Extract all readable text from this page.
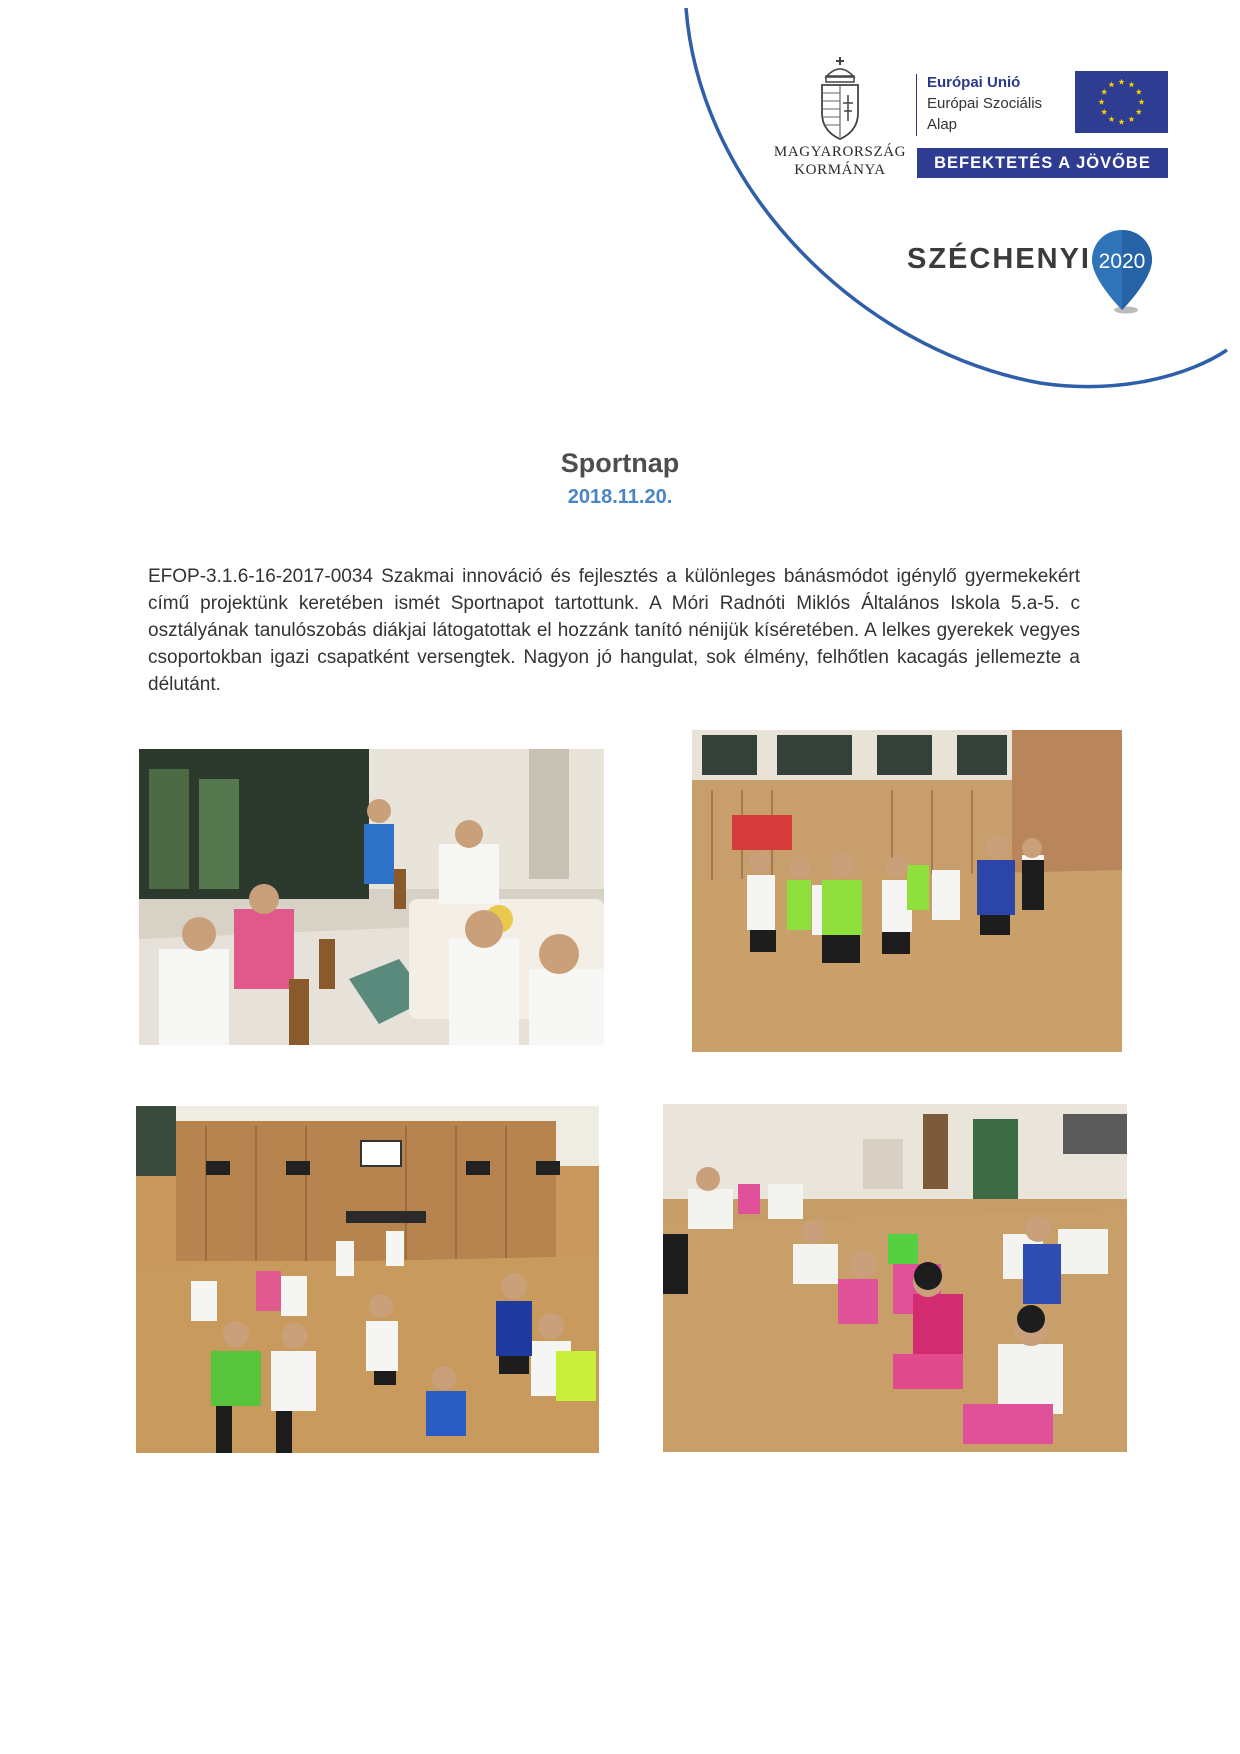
MAGYARORSZÁG
KORMÁNYA
Európai Unió
Európai Szociális
Alap
BEFEKTETÉS A JÖVŐBE
SZÉCHENYI 2020
Sportnap
2018.11.20.
EFOP-3.1.6-16-2017-0034 Szakmai innováció és fejlesztés a különleges bánásmódot igénylő gyermekekért című projektünk keretében ismét Sportnapot tartottunk. A Móri Radnóti Miklós Általános Iskola 5.a-5. c osztályának tanulószobás diákjai látogatottak el hozzánk tanító nénijük kíséretében. A lelkes gyerekek vegyes csoportokban igazi csapatként versengtek. Nagyon jó hangulat, sok élmény, felhőtlen kacagás jellemezte a délutánt.
